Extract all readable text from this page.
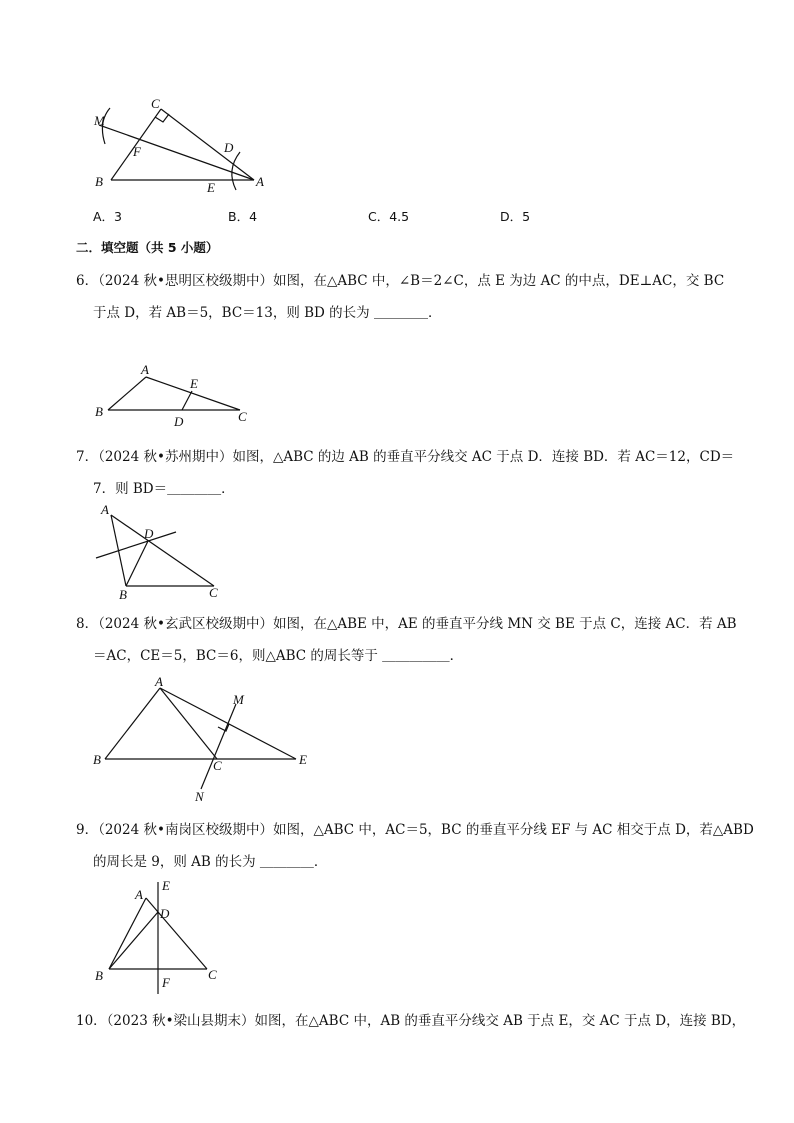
M
C
F	D
B	E	A
A．3	B．4	C．4.5	D．5
二．填空题（共 5 小题）
6．（2024 秋•思明区校级期中）如图，在△ABC 中，∠B＝2∠C，点 E 为边 AC 的中点，DE⊥AC，交 BC
于点 D，若 AB＝5，BC＝13，则 BD 的长为 ＿＿＿＿．
A
E
B
D	C
7．（2024 秋•苏州期中）如图，△ABC 的边 AB 的垂直平分线交 AC 于点 D．连接 BD．若 AC＝12，CD＝
7．则 BD＝＿＿＿＿．
A
D
B	C
8．（2024 秋•玄武区校级期中）如图，在△ABE 中，AE 的垂直平分线 MN 交 BE 于点 C，连接 AC．若 AB
＝AC，CE＝5，BC＝6，则△ABC 的周长等于 ＿＿＿＿＿．
A
M
B	C	E
N
9．（2024 秋•南岗区校级期中）如图，△ABC 中，AC＝5，BC 的垂直平分线 EF 与 AC 相交于点 D，若△ABD
的周长是 9，则 AB 的长为 ＿＿＿＿．
A
E
D
B	F
C
10．（2023 秋•梁山县期末）如图，在△ABC 中，AB 的垂直平分线交 AB 于点 E，交 AC 于点 D，连接 BD，
